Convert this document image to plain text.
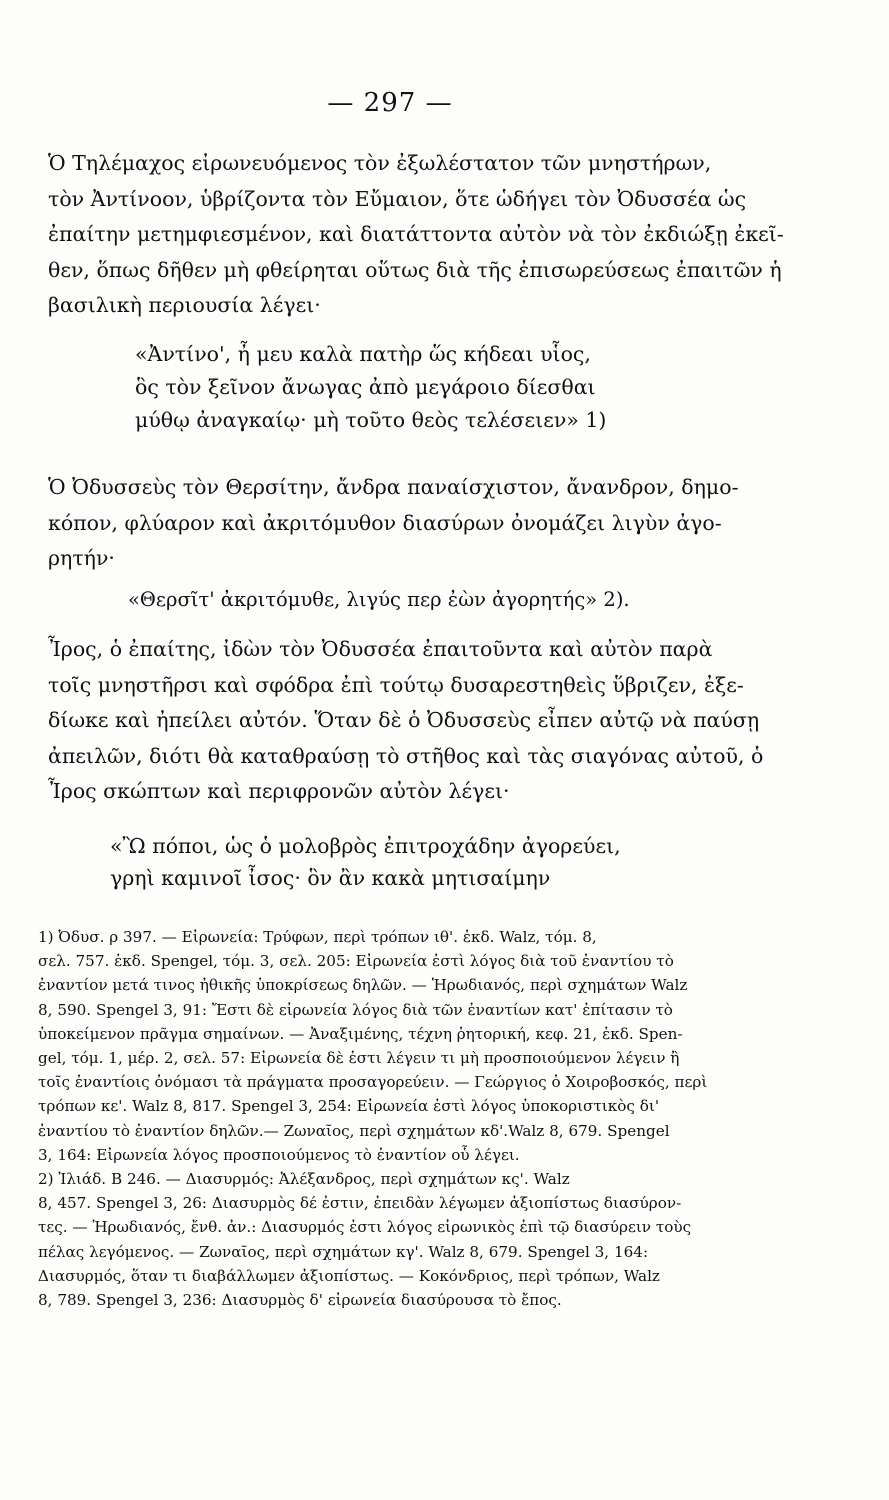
— 297 —
Ὁ Τηλέμαχος εἰρωνευόμενος τὸν ἐξωλέστατον τῶν μνηστήρων,
τὸν Ἀντίνοον, ὑβρίζοντα τὸν Εὔμαιον, ὅτε ὡδήγει τὸν Ὀδυσσέα ὡς
ἐπαίτην μετημφιεσμένον, καὶ διατάττοντα αὐτὸν νὰ τὸν ἐκδιώξῃ ἐκεῖ-
θεν, ὅπως δῆθεν μὴ φθείρηται οὕτως διὰ τῆς ἐπισωρεύσεως ἐπαιτῶν ἡ
βασιλικὴ περιουσία λέγει·
«Ἀντίνο', ἦ μευ καλὰ πατὴρ ὥς κήδεαι υἷος,
ὃς τὸν ξεῖνον ἄνωγας ἀπὸ μεγάροιο δίεσθαι
μύθῳ ἀναγκαίῳ· μὴ τοῦτο θεὸς τελέσειεν» 1)
Ὁ Ὀδυσσεὺς τὸν Θερσίτην, ἄνδρα παναίσχιστον, ἄνανδρον, δημο-
κόπον, φλύαρον καὶ ἀκριτόμυθον διασύρων ὀνομάζει λιγὺν ἀγο-
ρητήν·
«Θερσῖτ' ἀκριτόμυθε, λιγύς περ ἐὼν ἀγορητής» 2).
Ἶρος, ὁ ἐπαίτης, ἰδὼν τὸν Ὀδυσσέα ἐπαιτοῦντα καὶ αὐτὸν παρὰ
τοῖς μνηστῆρσι καὶ σφόδρα ἐπὶ τούτῳ δυσαρεστηθεὶς ὕβριζεν, ἐξε-
δίωκε καὶ ἠπείλει αὐτόν. Ὅταν δὲ ὁ Ὀδυσσεὺς εἶπεν αὐτῷ νὰ παύσῃ
ἀπειλῶν, διότι θὰ καταθραύσῃ τὸ στῆθος καὶ τὰς σιαγόνας αὐτοῦ, ὁ
Ἶρος σκώπτων καὶ περιφρονῶν αὐτὸν λέγει·
«Ὢ πόποι, ὡς ὁ μολοβρὸς ἐπιτροχάδην ἀγορεύει,
γρηὶ καμινοῖ ἶσος· ὃν ἂν κακὰ μητισαίμην
1) Ὀδυσ. ρ 397. — Εἰρωνεία: Τρύφων, περὶ τρόπων ιθ'. ἐκδ. Walz, τόμ. 8,
σελ. 757. ἐκδ. Spengel, τόμ. 3, σελ. 205: Εἰρωνεία ἐστὶ λόγος διὰ τοῦ ἐναντίου τὸ
ἐναντίον μετά τινος ἠθικῆς ὑποκρίσεως δηλῶν. — Ἡρωδιανός, περὶ σχημάτων Walz
8, 590. Spengel 3, 91: Ἔστι δὲ εἰρωνεία λόγος διὰ τῶν ἐναντίων κατ' ἐπίτασιν τὸ
ὑποκείμενον πρᾶγμα σημαίνων. — Ἀναξιμένης, τέχνη ῥητορική, κεφ. 21, ἐκδ. Spen-
gel, τόμ. 1, μέρ. 2, σελ. 57: Εἰρωνεία δὲ ἐστι λέγειν τι μὴ προσποιούμενον λέγειν ἢ
τοῖς ἐναντίοις ὀνόμασι τὰ πράγματα προσαγορεύειν. — Γεώργιος ὁ Χοιροβοσκός, περὶ
τρόπων κε'. Walz 8, 817. Spengel 3, 254: Εἰρωνεία ἐστὶ λόγος ὑποκοριστικὸς δι'
ἐναντίου τὸ ἐναντίον δηλῶν.— Ζωναῖος, περὶ σχημάτων κδ'.Walz 8, 679. Spengel
3, 164: Εἰρωνεία λόγος προσποιούμενος τὸ ἐναντίον οὗ λέγει.
2) Ἰλιάδ. Β 246. — Διασυρμός: Ἀλέξανδρος, περὶ σχημάτων κς'. Walz
8, 457. Spengel 3, 26: Διασυρμὸς δέ ἐστιν, ἐπειδὰν λέγωμεν ἀξιοπίστως διασύρον-
τες. — Ἡρωδιανός, ἔνθ. ἀν.: Διασυρμός ἐστι λόγος εἰρωνικὸς ἐπὶ τῷ διασύρειν τοὺς
πέλας λεγόμενος. — Ζωναῖος, περὶ σχημάτων κγ'. Walz 8, 679. Spengel 3, 164:
Διασυρμός, ὅταν τι διαβάλλωμεν ἀξιοπίστως. — Κοκόνδριος, περὶ τρόπων, Walz
8, 789. Spengel 3, 236: Διασυρμὸς δ' εἰρωνεία διασύρουσα τὸ ἔπος.
